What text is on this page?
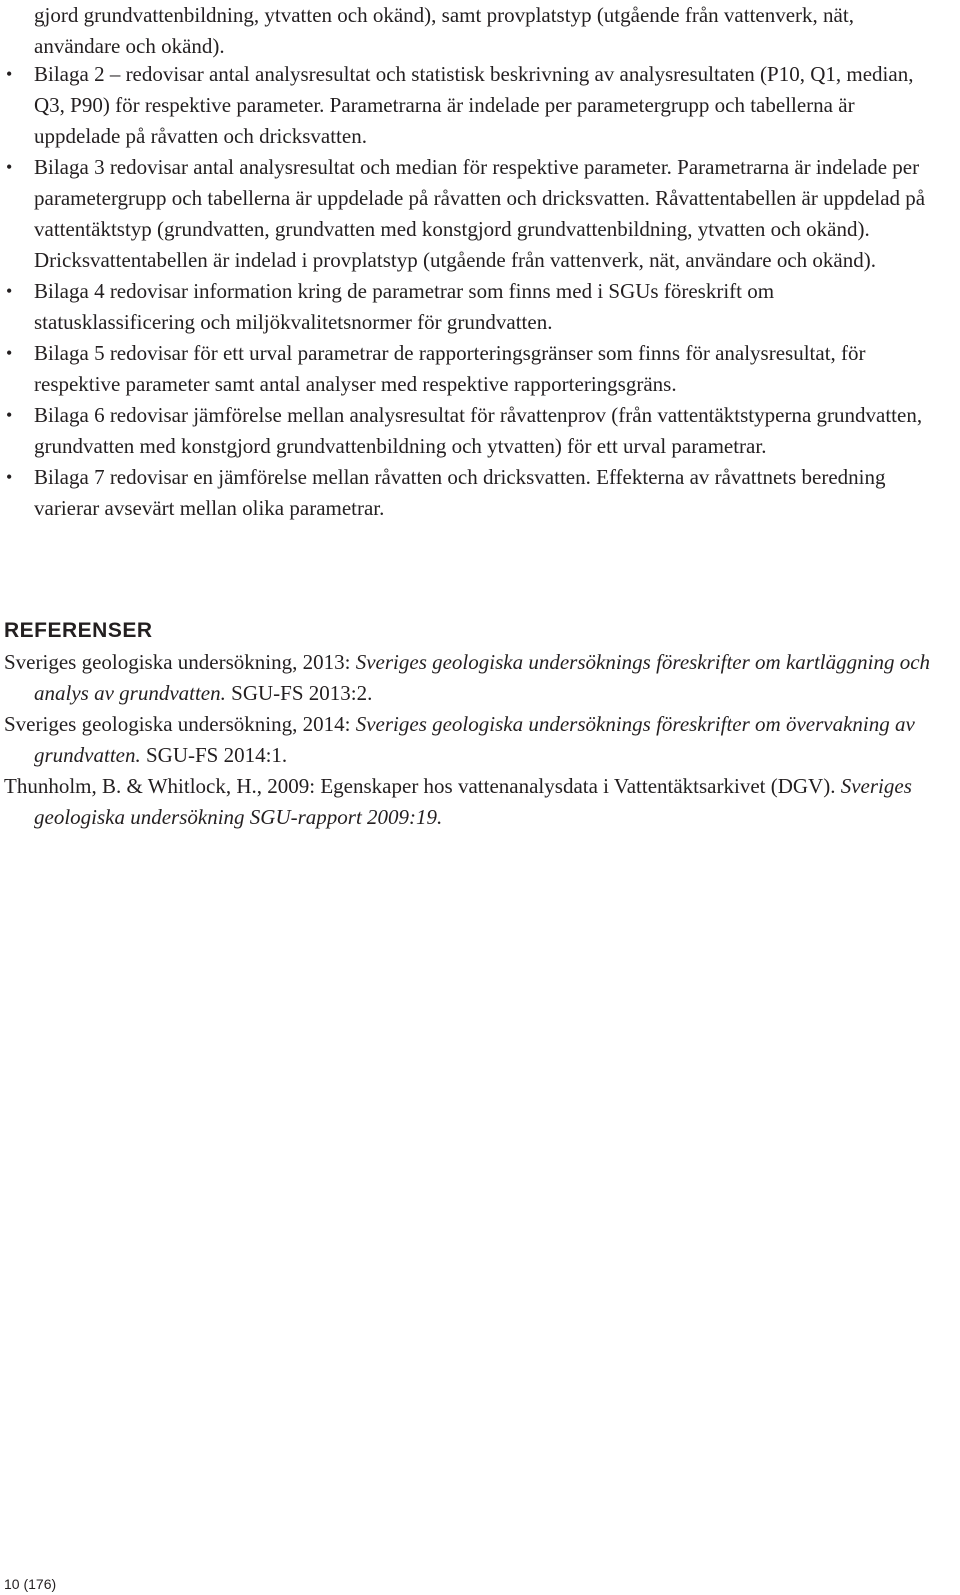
gjord grundvattenbildning, ytvatten och okänd), samt provplatstyp (utgående från vattenverk, nät, användare och okänd).
• Bilaga 2 – redovisar antal analysresultat och statistisk beskrivning av analysresultaten (P10, Q1, median, Q3, P90) för respektive parameter. Parametrarna är indelade per parametergrupp och tabellerna är uppdelade på råvatten och dricksvatten.
• Bilaga 3 redovisar antal analysresultat och median för respektive parameter. Parametrarna är indelade per parametergrupp och tabellerna är uppdelade på råvatten och dricksvatten. Råvattentabellen är uppdelad på vattentäktstyp (grundvatten, grundvatten med konstgjord grundvattenbildning, ytvatten och okänd). Dricksvattentabellen är indelad i provplatstyp (utgående från vattenverk, nät, användare och okänd).
• Bilaga 4 redovisar information kring de parametrar som finns med i SGUs föreskrift om statusklassificering och miljökvalitetsnormer för grundvatten.
• Bilaga 5 redovisar för ett urval parametrar de rapporteringsgränser som finns för analysresultat, för respektive parameter samt antal analyser med respektive rapporteringsgräns.
• Bilaga 6 redovisar jämförelse mellan analysresultat för råvattenprov (från vattentäktstyperna grundvatten, grundvatten med konstgjord grundvattenbildning och ytvatten) för ett urval parametrar.
• Bilaga 7 redovisar en jämförelse mellan råvatten och dricksvatten. Effekterna av råvattnets beredning varierar avsevärt mellan olika parametrar.
REFERENSER
Sveriges geologiska undersökning, 2013: Sveriges geologiska undersöknings föreskrifter om kartläggning och analys av grundvatten. SGU-FS 2013:2.
Sveriges geologiska undersökning, 2014: Sveriges geologiska undersöknings föreskrifter om övervakning av grundvatten. SGU-FS 2014:1.
Thunholm, B. & Whitlock, H., 2009: Egenskaper hos vattenanalysdata i Vattentäktsarkivet (DGV). Sveriges geologiska undersökning SGU-rapport 2009:19.
10 (176)
